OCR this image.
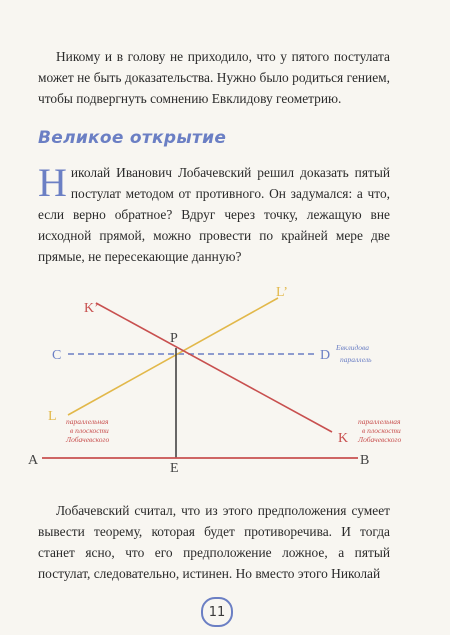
Никому и в голову не приходило, что у пятого постулата может не быть доказательства. Нужно было родиться гением, чтобы подвергнуть сомнению Евклидову геометрию.
Великое открытие
Николай Иванович Лобачевский решил доказать пятый постулат методом от противного. Он задумался: а что, если верно обратное? Вдруг через точку, лежащую вне исходной прямой, можно провести по крайней мере две прямые, не пересекающие данную?
K’
L’
P
C	D
L
K
A
E
B
Евклидова
параллель
параллельная
в плоскости
Лобачевского
параллельная
в плоскости
Лобачевского
Лобачевский считал, что из этого предположения сумеет вывести теорему, которая будет противоречива. И тогда станет ясно, что его предположение ложное, а пятый постулат, следовательно, истинен. Но вместо этого Николай
11
